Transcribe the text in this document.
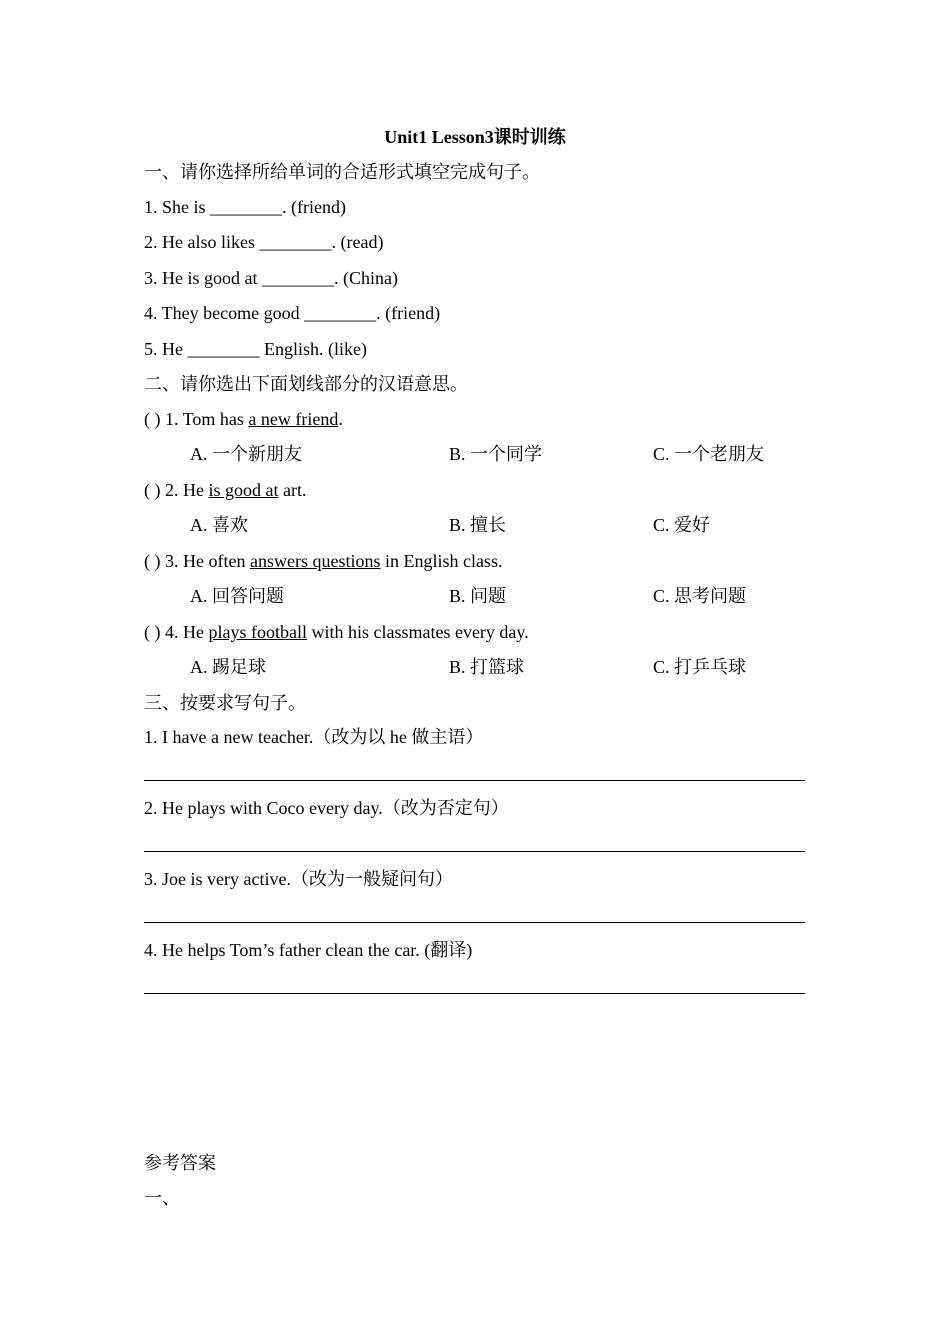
Unit1 Lesson3课时训练
一、请你选择所给单词的合适形式填空完成句子。
1. She is ________. (friend)
2. He also likes ________. (read)
3. He is good at ________. (China)
4. They become good ________. (friend)
5. He ________ English. (like)
二、请你选出下面划线部分的汉语意思。
( ) 1. Tom has a new friend.
A. 一个新朋友	B. 一个同学	C. 一个老朋友
( ) 2. He is good at art.
A. 喜欢	B. 擅长	C. 爱好
( ) 3. He often answers questions in English class.
A. 回答问题	B. 问题	C. 思考问题
( ) 4. He plays football with his classmates every day.
A. 踢足球	B. 打篮球	C. 打乒乓球
三、按要求写句子。
1. I have a new teacher.（改为以 he 做主语）
2. He plays with Coco every day.（改为否定句）
3. Joe is very active.（改为一般疑问句）
4. He helps Tom’s father clean the car. (翻译)
参考答案
一、
